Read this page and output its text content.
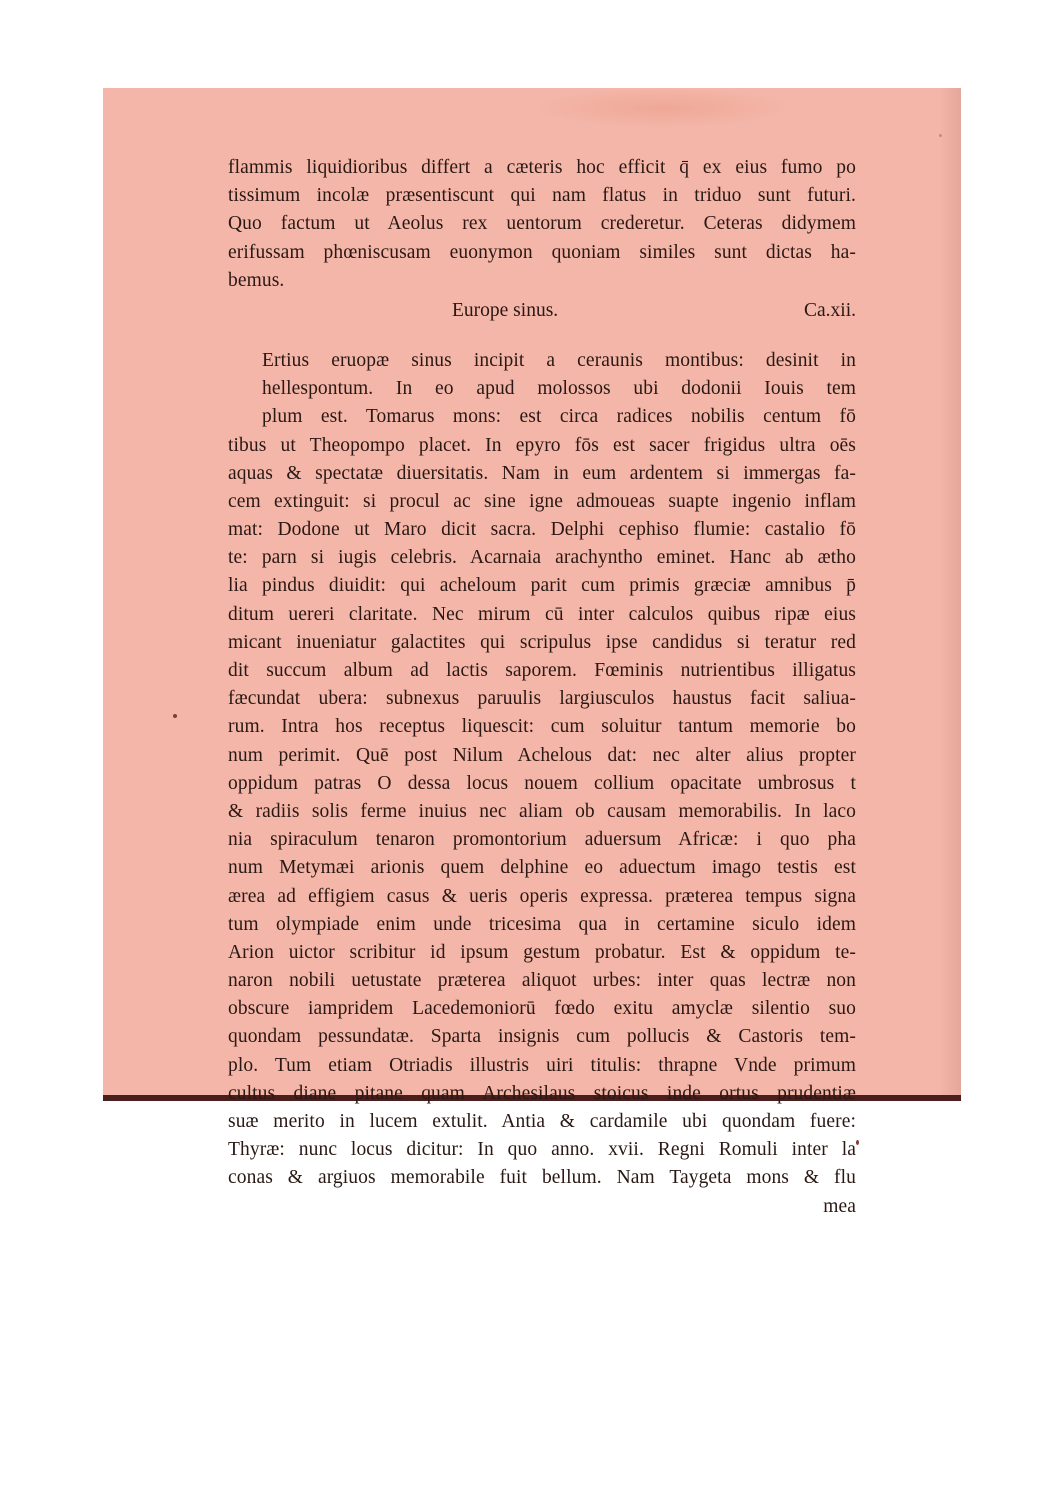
flammis liquidioribus differt a cæteris hoc efficit q̄ ex eius fumo po
tissimum incolæ præsentiscunt qui nam flatus in triduo sunt futuri.
Quo factum ut Aeolus rex uentorum crederetur. Ceteras didymem
erifussam phœniscusam euonymon quoniam similes sunt dictas ha-
bemus.
Europe sinus.	Ca.xii.
Ertius eruopæ sinus incipit a ceraunis montibus: desinit in
hellespontum. In eo apud molossos ubi dodonii Iouis tem
plum est. Tomarus mons: est circa radices nobilis centum fō
tibus ut Theopompo placet. In epyro fōs est sacer frigidus ultra oēs
aquas & spectatæ diuersitatis. Nam in eum ardentem si immergas fa-
cem extinguit: si procul ac sine igne admoueas suapte ingenio inflam
mat: Dodone ut Maro dicit sacra. Delphi cephiso flumie: castalio fō
te: parn si iugis celebris. Acarnaia arachyntho eminet. Hanc ab ætho
lia pindus diuidit: qui acheloum parit cum primis græciæ amnibus p̄
ditum uereri claritate. Nec mirum cū inter calculos quibus ripæ eius
micant inueniatur galactites qui scripulus ipse candidus si teratur red
dit succum album ad lactis saporem. Fœminis nutrientibus illigatus
fæcundat ubera: subnexus paruulis largiusculos haustus facit saliua-
rum. Intra hos receptus liquescit: cum soluitur tantum memorie bo
num perimit. Quē post Nilum Achelous dat: nec alter alius propter
oppidum patras O dessa locus nouem collium opacitate umbrosus t
& radiis solis ferme inuius nec aliam ob causam memorabilis. In laco
nia spiraculum tenaron promontorium aduersum Africæ: i quo pha
num Metymæi arionis quem delphine eo aduectum imago testis est
ærea ad effigiem casus & ueris operis expressa. præterea tempus signa
tum olympiade enim unde tricesima qua in certamine siculo idem
Arion uictor scribitur id ipsum gestum probatur. Est & oppidum te-
naron nobili uetustate præterea aliquot urbes: inter quas lectræ non
obscure iampridem Lacedemoniorū fœdo exitu amyclæ silentio suo
quondam pessundatæ. Sparta insignis cum pollucis & Castoris tem-
plo. Tum etiam Otriadis illustris uiri titulis: thrapne Vnde primum
cultus diane pitane quam Archesilaus stoicus inde ortus prudentiæ
suæ merito in lucem extulit. Antia & cardamile ubi quondam fuere:
Thyræ: nunc locus dicitur: In quo anno. xvii. Regni Romuli inter la
conas & argiuos memorabile fuit bellum. Nam Taygeta mons & flu
mea
